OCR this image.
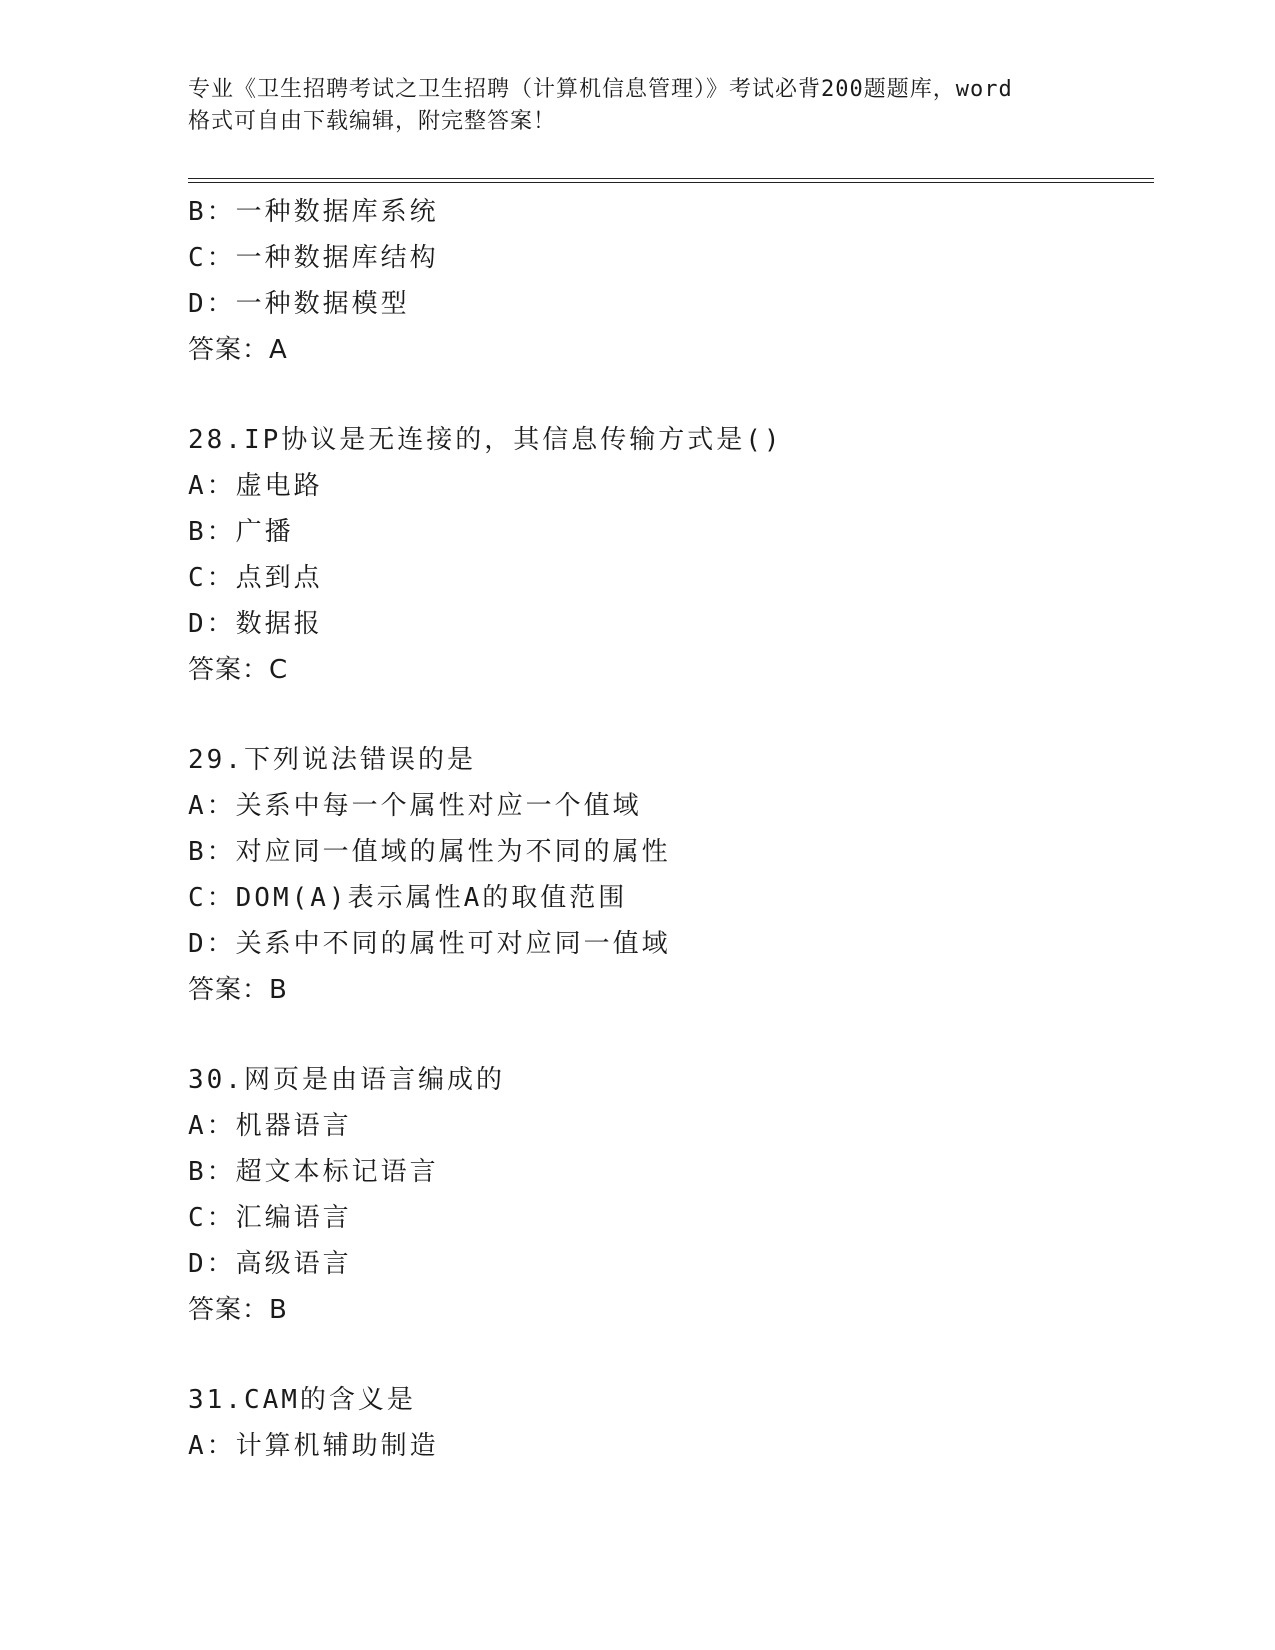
专业《卫生招聘考试之卫生招聘（计算机信息管理）》考试必背200题题库，word
格式可自由下载编辑，附完整答案！
B：一种数据库系统
C：一种数据库结构
D：一种数据模型
答案：A
28.IP协议是无连接的，其信息传输方式是()
A：虚电路
B：广播
C：点到点
D：数据报
答案：C
29.下列说法错误的是
A：关系中每一个属性对应一个值域
B：对应同一值域的属性为不同的属性
C：DOM(A)表示属性A的取值范围
D：关系中不同的属性可对应同一值域
答案：B
30.网页是由语言编成的
A：机器语言
B：超文本标记语言
C：汇编语言
D：高级语言
答案：B
31.CAM的含义是
A：计算机辅助制造
